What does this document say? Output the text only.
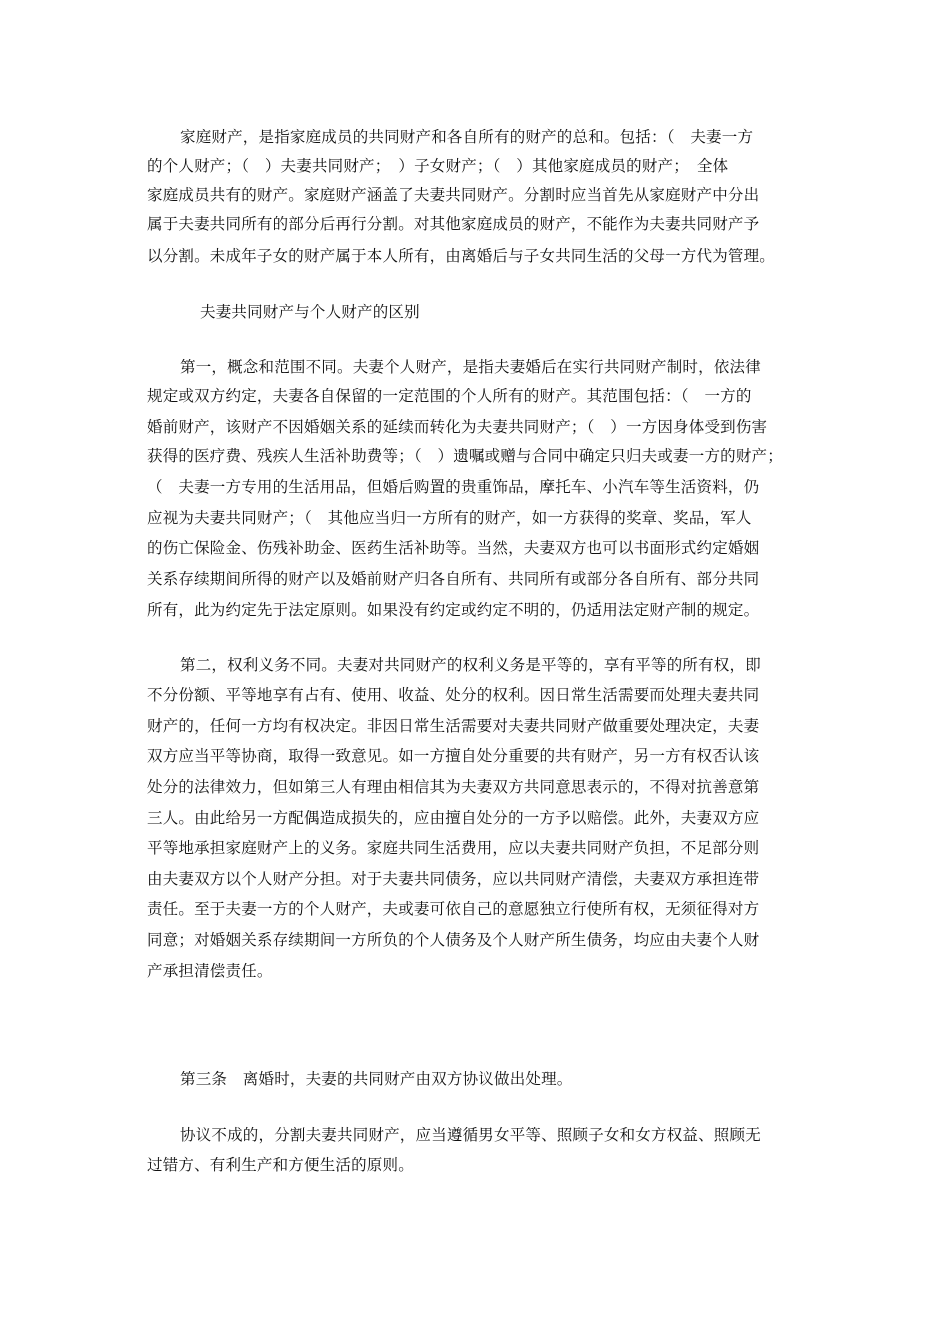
家庭财产，是指家庭成员的共同财产和各自所有的财产的总和。包括：（　夫妻一方
的个人财产；（　）夫妻共同财产；　）子女财产；（　）其他家庭成员的财产；　全体
家庭成员共有的财产。家庭财产涵盖了夫妻共同财产。分割时应当首先从家庭财产中分出
属于夫妻共同所有的部分后再行分割。对其他家庭成员的财产，不能作为夫妻共同财产予
以分割。未成年子女的财产属于本人所有，由离婚后与子女共同生活的父母一方代为管理。
夫妻共同财产与个人财产的区别
第一，概念和范围不同。夫妻个人财产，是指夫妻婚后在实行共同财产制时，依法律
规定或双方约定，夫妻各自保留的一定范围的个人所有的财产。其范围包括：（　一方的
婚前财产，该财产不因婚姻关系的延续而转化为夫妻共同财产；（　）一方因身体受到伤害
获得的医疗费、残疾人生活补助费等；（　）遗嘱或赠与合同中确定只归夫或妻一方的财产；
（　夫妻一方专用的生活用品，但婚后购置的贵重饰品，摩托车、小汽车等生活资料，仍
应视为夫妻共同财产；（　其他应当归一方所有的财产，如一方获得的奖章、奖品，军人
的伤亡保险金、伤残补助金、医药生活补助等。当然，夫妻双方也可以书面形式约定婚姻
关系存续期间所得的财产以及婚前财产归各自所有、共同所有或部分各自所有、部分共同
所有，此为约定先于法定原则。如果没有约定或约定不明的，仍适用法定财产制的规定。
第二，权利义务不同。夫妻对共同财产的权利义务是平等的，享有平等的所有权，即
不分份额、平等地享有占有、使用、收益、处分的权利。因日常生活需要而处理夫妻共同
财产的，任何一方均有权决定。非因日常生活需要对夫妻共同财产做重要处理决定，夫妻
双方应当平等协商，取得一致意见。如一方擅自处分重要的共有财产，另一方有权否认该
处分的法律效力，但如第三人有理由相信其为夫妻双方共同意思表示的，不得对抗善意第
三人。由此给另一方配偶造成损失的，应由擅自处分的一方予以赔偿。此外，夫妻双方应
平等地承担家庭财产上的义务。家庭共同生活费用，应以夫妻共同财产负担，不足部分则
由夫妻双方以个人财产分担。对于夫妻共同债务，应以共同财产清偿，夫妻双方承担连带
责任。至于夫妻一方的个人财产，夫或妻可依自己的意愿独立行使所有权，无须征得对方
同意；对婚姻关系存续期间一方所负的个人债务及个人财产所生债务，均应由夫妻个人财
产承担清偿责任。
第三条　离婚时，夫妻的共同财产由双方协议做出处理。
协议不成的，分割夫妻共同财产，应当遵循男女平等、照顾子女和女方权益、照顾无
过错方、有利生产和方便生活的原则。
